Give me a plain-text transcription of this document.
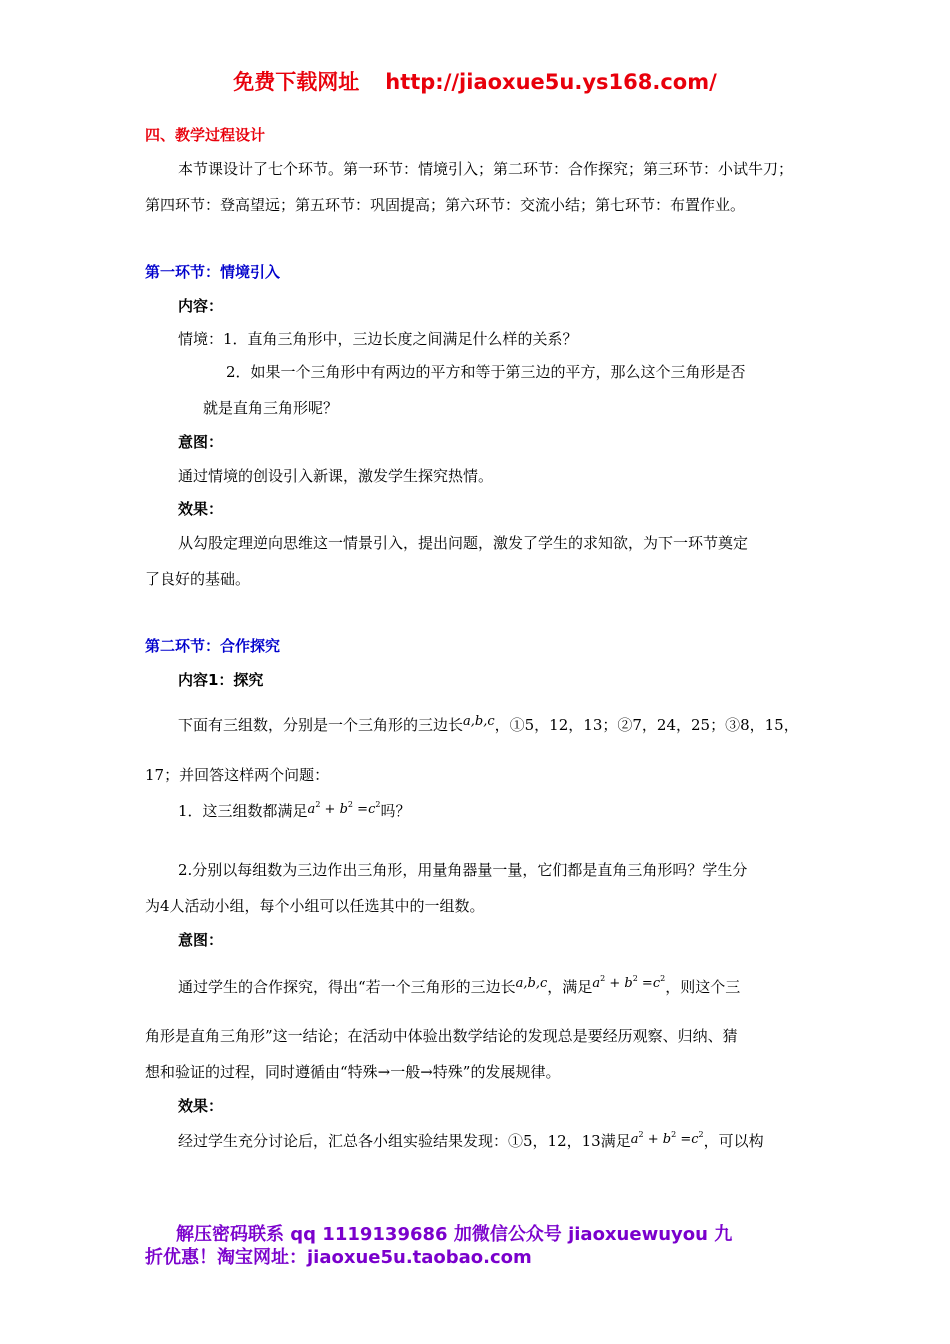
免费下载网址 http://jiaoxue5u.ys168.com/
四、教学过程设计
本节课设计了七个环节。第一环节：情境引入；第二环节：合作探究；第三环节：小试牛刀；
第四环节：登高望远；第五环节：巩固提高；第六环节：交流小结；第七环节：布置作业。
第一环节：情境引入
内容：
情境：1．直角三角形中，三边长度之间满足什么样的关系？
2．如果一个三角形中有两边的平方和等于第三边的平方，那么这个三角形是否
就是直角三角形呢？
意图：
通过情境的创设引入新课，激发学生探究热情。
效果：
从勾股定理逆向思维这一情景引入，提出问题，激发了学生的求知欲，为下一环节奠定
了良好的基础。
第二环节：合作探究
内容1：探究
下面有三组数，分别是一个三角形的三边长a,b,c，①5，12，13；②7，24，25；③8，15，
17；并回答这样两个问题：
1．这三组数都满足$a^2 + b^2 =c^2$吗？
2.分别以每组数为三边作出三角形，用量角器量一量，它们都是直角三角形吗？学生分
为4人活动小组，每个小组可以任选其中的一组数。
意图：
通过学生的合作探究，得出“若一个三角形的三边长a,b,c，满足$a^2 + b^2 =c^2$，则这个三
角形是直角三角形”这一结论；在活动中体验出数学结论的发现总是要经历观察、归纳、猜
想和验证的过程，同时遵循由“特殊→一般→特殊”的发展规律。
效果：
经过学生充分讨论后，汇总各小组实验结果发现：①5，12，13满足$a^2 + b^2 =c^2$，可以构
解压密码联系 qq 1119139686 加微信公众号 jiaoxuewuyou 九
折优惠！淘宝网址：jiaoxue5u.taobao.com
